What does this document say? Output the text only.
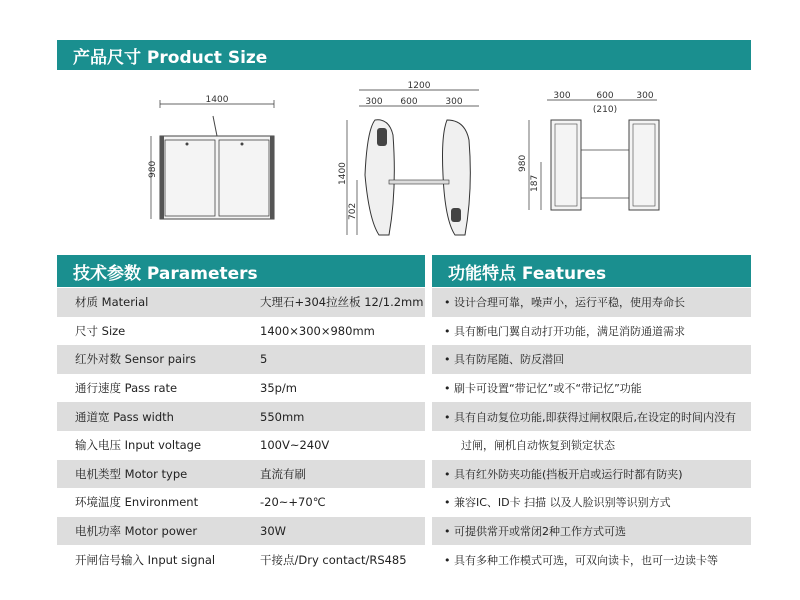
产品尺寸 Product Size
1400
980
1200
300 600	300
1400
702
300	600	300
(210)
980
187
技术参数 Parameters	功能特点 Features
材质 Material	大理石+304拉丝板 12/1.2mm
尺寸 Size	1400×300×980mm
红外对数 Sensor pairs	5
通行速度 Pass rate	35p/m
通道宽 Pass width	550mm
输入电压 Input voltage	100V~240V
电机类型 Motor type	直流有刷
环境温度 Environment	-20~+70℃
电机功率 Motor power	30W
开闸信号输入 Input signal	干接点/Dry contact/RS485
• 设计合理可靠，噪声小，运行平稳，使用寿命长
• 具有断电门翼自动打开功能，满足消防通道需求
• 具有防尾随、防反潜回
• 刷卡可设置“带记忆”或不“带记忆”功能
• 具有自动复位功能,即获得过闸权限后,在设定的时间内没有
过闸，闸机自动恢复到锁定状态
• 具有红外防夹功能(挡板开启或运行时都有防夹)
• 兼容IC、ID卡 扫描 以及人脸识别等识别方式
• 可提供常开或常闭2种工作方式可选
• 具有多种工作模式可选，可双向读卡，也可一边读卡等
